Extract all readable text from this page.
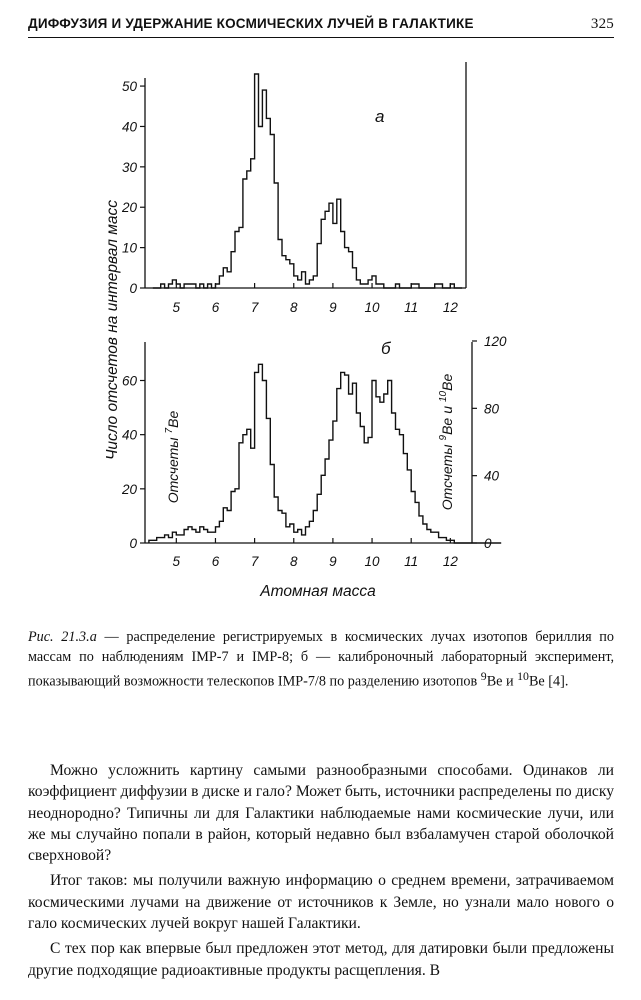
ДИФФУЗИЯ И УДЕРЖАНИЕ КОСМИЧЕСКИХ ЛУЧЕЙ В ГАЛАКТИКЕ	325
Число отсчетов на интервал масс
а
5 6 7 8 9 10 11 12
0
10
20
30
40
50
б
5 6 7 8 9 10 11 12
0
20
40
60
0
40
80
120
Отсчеты$^7$Be
Отсчеты$^9$Beи$^{10}$Be
Атомная масса
Рис. 21.3.а — распределение регистрируемых в космических лучах изотопов бериллия по массам по наблюдениям IMP-7 и IMP-8; б — калиброночный лабораторный эксперимент, показывающий возможности телескопов IMP-7/8 по разделению изотопов $^9$Be и $^{10}$Be [4].

Можно усложнить картину самыми разнообразными способами. Одинаков ли коэффициент диффузии в диске и гало? Может быть, источники распределены по диску неоднородно? Типичны ли для Галактики наблюдаемые нами космические лучи, или же мы случайно попали в район, который недавно был взбаламучен старой оболочкой сверхновой?

Итог таков: мы получили важную информацию о среднем времени, затрачиваемом космическими лучами на движение от источников к Земле, но узнали мало нового о гало космических лучей вокруг нашей Галактики.

С тех пор как впервые был предложен этот метод, для датировки были предложены другие подходящие радиоактивные продукты расщепления. В
